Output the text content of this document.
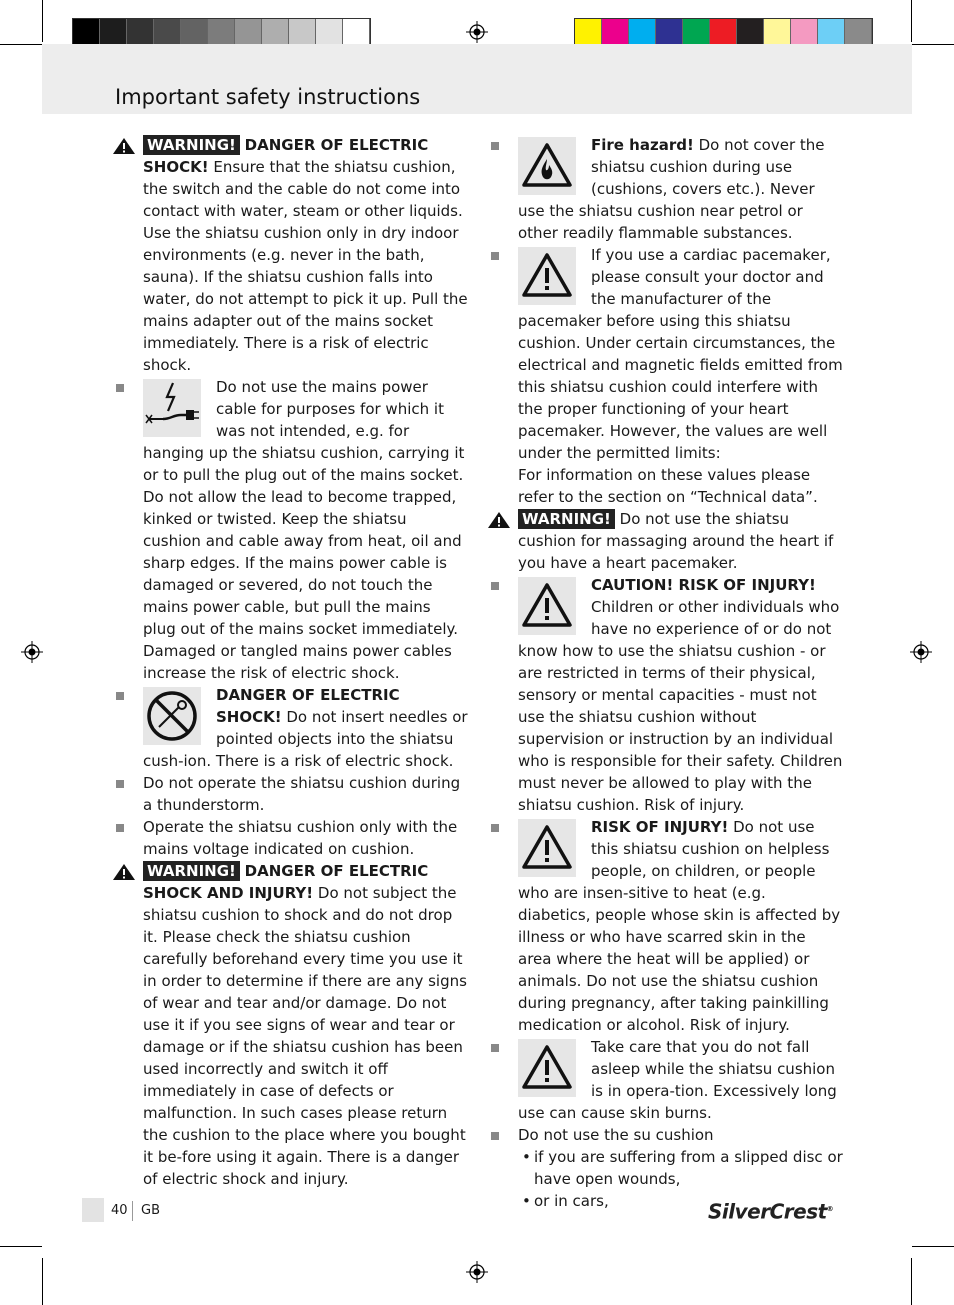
Important safety instructions

WARNING! DANGER OF ELECTRIC SHOCK! Ensure that the shiatsu cushion, the switch and the cable do not come into contact with water, steam or other liquids. Use the shiatsu cushion only in dry indoor environments (e.g. never in the bath, sauna). If the shiatsu cushion falls into water, do not attempt to pick it up. Pull the mains adapter out of the mains socket immediately. There is a risk of electric shock.

Do not use the mains power cable for purposes for which it was not intended, e.g. for hanging up the shiatsu cushion, carrying it or to pull the plug out of the mains socket. Do not allow the lead to become trapped, kinked or twisted. Keep the shiatsu cushion and cable away from heat, oil and sharp edges. If the mains power cable is damaged or severed, do not touch the mains power cable, but pull the mains plug out of the mains socket immediately. Damaged or tangled mains power cables increase the risk of electric shock.
DANGER OF ELECTRIC SHOCK! Do not insert needles or pointed objects into the shiatsu cush-ion. There is a risk of electric shock.

Do not operate the shiatsu cushion during a thunderstorm.

Operate the shiatsu cushion only with the mains voltage indicated on cushion.

WARNING! DANGER OF ELECTRIC SHOCK AND INJURY! Do not subject the shiatsu cushion to shock and do not drop it. Please check the shiatsu cushion carefully beforehand every time you use it in order to determine if there are any signs of wear and tear and/or damage. Do not use it if you see signs of wear and tear or damage or if the shiatsu cushion has been used incorrectly and switch it off immediately in case of defects or malfunction. In such cases please return the cushion to the place where you bought it be-fore using it again. There is a danger of electric shock and injury.

Fire hazard! Do not cover the shiatsu cushion during use (cushions, covers etc.). Never use the shiatsu cushion near petrol or other readily flammable substances.
If you use a cardiac pacemaker, please consult your doctor and the manufacturer of the pacemaker before using this shiatsu cushion. Under certain circumstances, the electrical and magnetic fields emitted from this shiatsu cushion could interfere with the proper functioning of your heart pacemaker. However, the values are well under the permitted limits:
For information on these values please refer to the section on “Technical data”.

WARNING! Do not use the shiatsu cushion for massaging around the heart if you have a heart pacemaker.

CAUTION! RISK OF INJURY!
Children or other individuals who have no experience of or do not know how to use the shiatsu cushion - or are restricted in terms of their physical, sensory or mental capacities - must not use the shiatsu cushion without supervision or instruction by an individual who is responsible for their safety. Children must never be allowed to play with the shiatsu cushion. Risk of injury.
RISK OF INJURY! Do not use this shiatsu cushion on helpless people, on children, or people who are insen-sitive to heat (e.g. diabetics, people whose skin is affected by illness or who have scarred skin in the area where the heat will be applied) or animals. Do not use the shiatsu cushion during pregnancy, after taking painkilling medication or alcohol. Risk of injury.
Take care that you do not fall asleep while the shiatsu cushion is in opera-tion. Excessively long use can cause skin burns.
Do not use the su cushion

• if you are suffering from a slipped disc or have open wounds,

• or in cars,

40 GB	SilverCrest®
